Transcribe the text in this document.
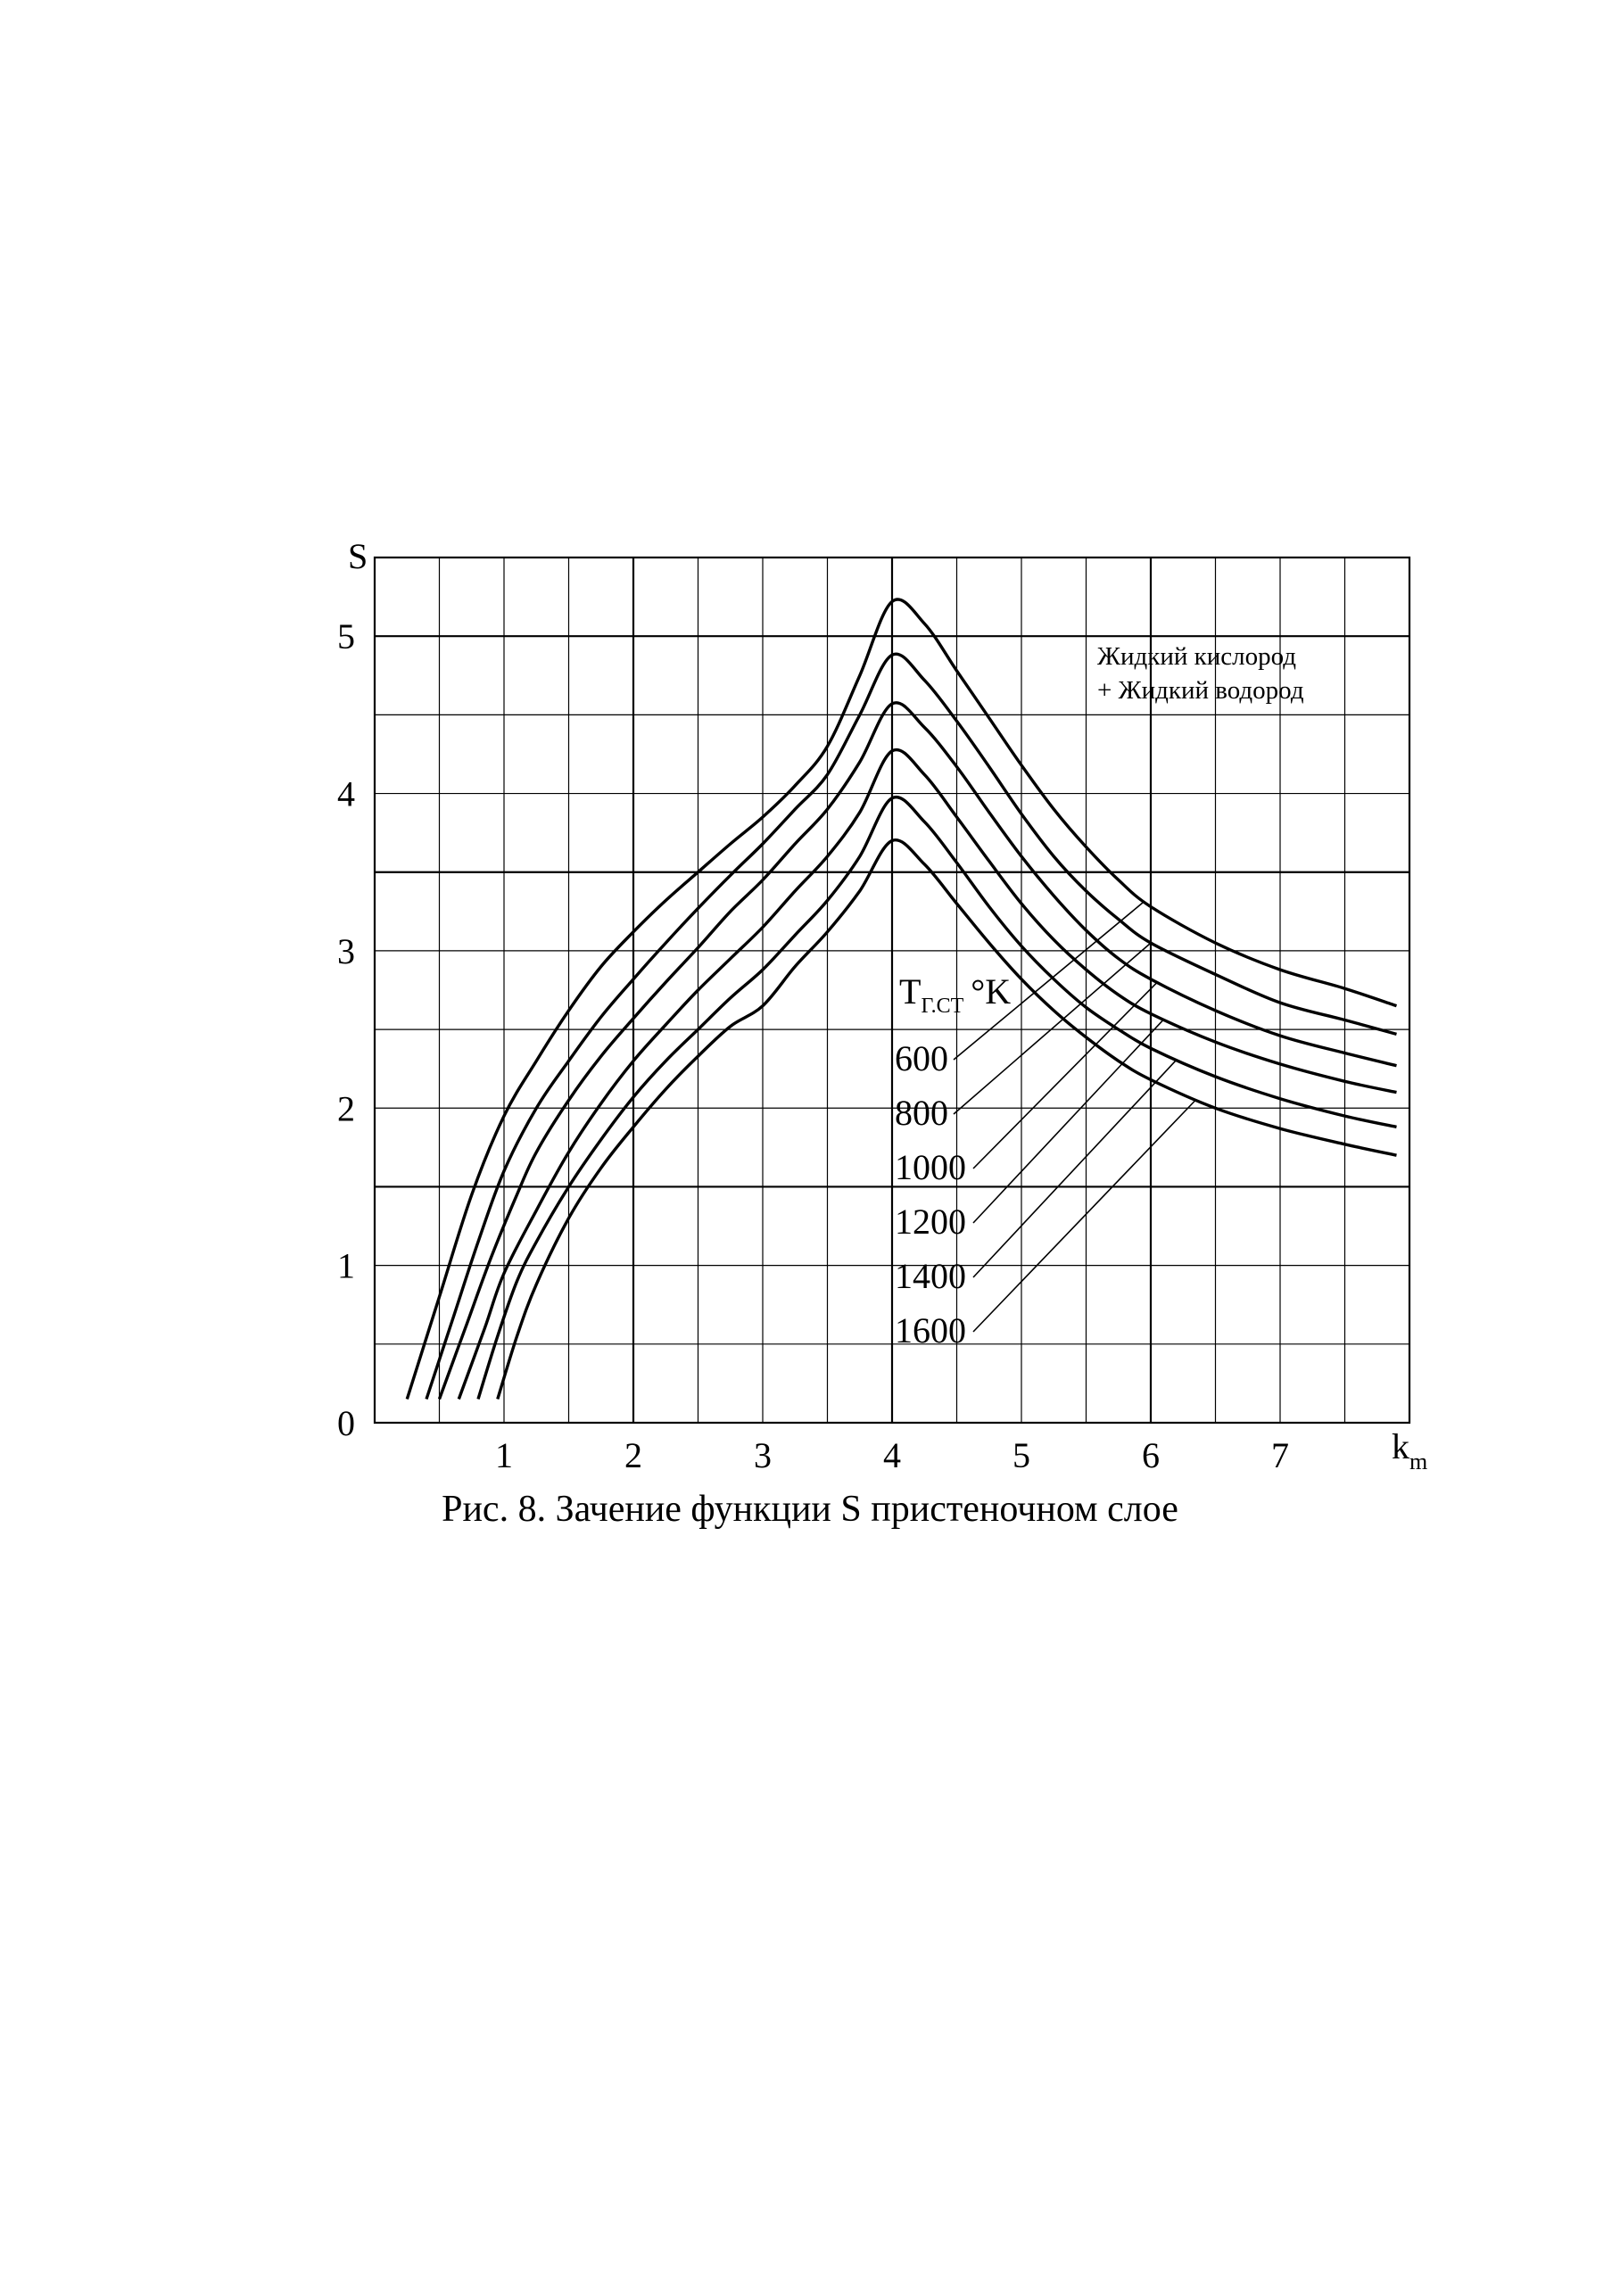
1	2	3	4	5	6	7
0
1
2
3
4
5
S
$k_m$
600
800
1000
1200
1400
1600
Жидкий кислород
+ Жидкий водород
$T_{Г.СТ}$ °K
Рис. 8. Зачение функции S пристеночном слое
